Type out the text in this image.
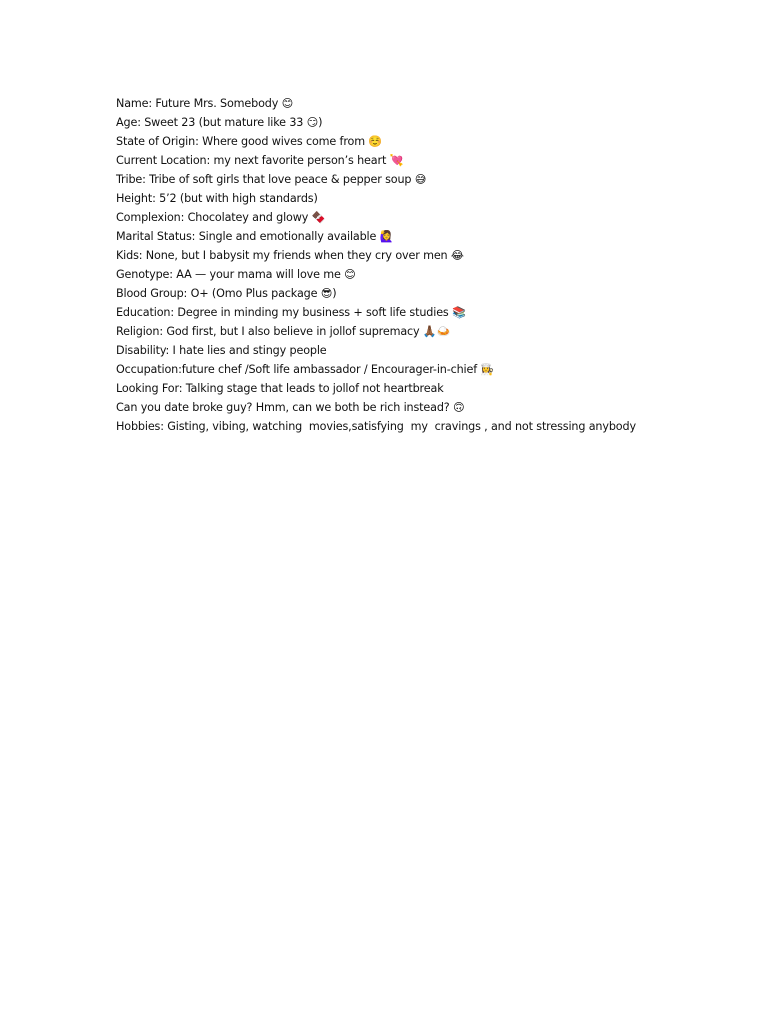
Name: Future Mrs. Somebody 😊
Age: Sweet 23 (but mature like 33 😏)
State of Origin: Where good wives come from ☺️
Current Location: my next favorite person’s heart 💘
Tribe: Tribe of soft girls that love peace & pepper soup 😅
Height: 5’2 (but with high standards)
Complexion: Chocolatey and glowy 🍫
Marital Status: Single and emotionally available 🙋‍♀️
Kids: None, but I babysit my friends when they cry over men 😂
Genotype: AA — your mama will love me 😊
Blood Group: O+ (Omo Plus package 😎)
Education: Degree in minding my business + soft life studies 📚
Religion: God first, but I also believe in jollof supremacy 🙏🏾🍛
Disability: I hate lies and stingy people
Occupation:future chef /Soft life ambassador / Encourager-in-chief 👩‍🍳
Looking For: Talking stage that leads to jollof not heartbreak
Can you date broke guy? Hmm, can we both be rich instead? 🙃
Hobbies: Gisting, vibing, watching  movies,satisfying  my  cravings , and not stressing anybody
